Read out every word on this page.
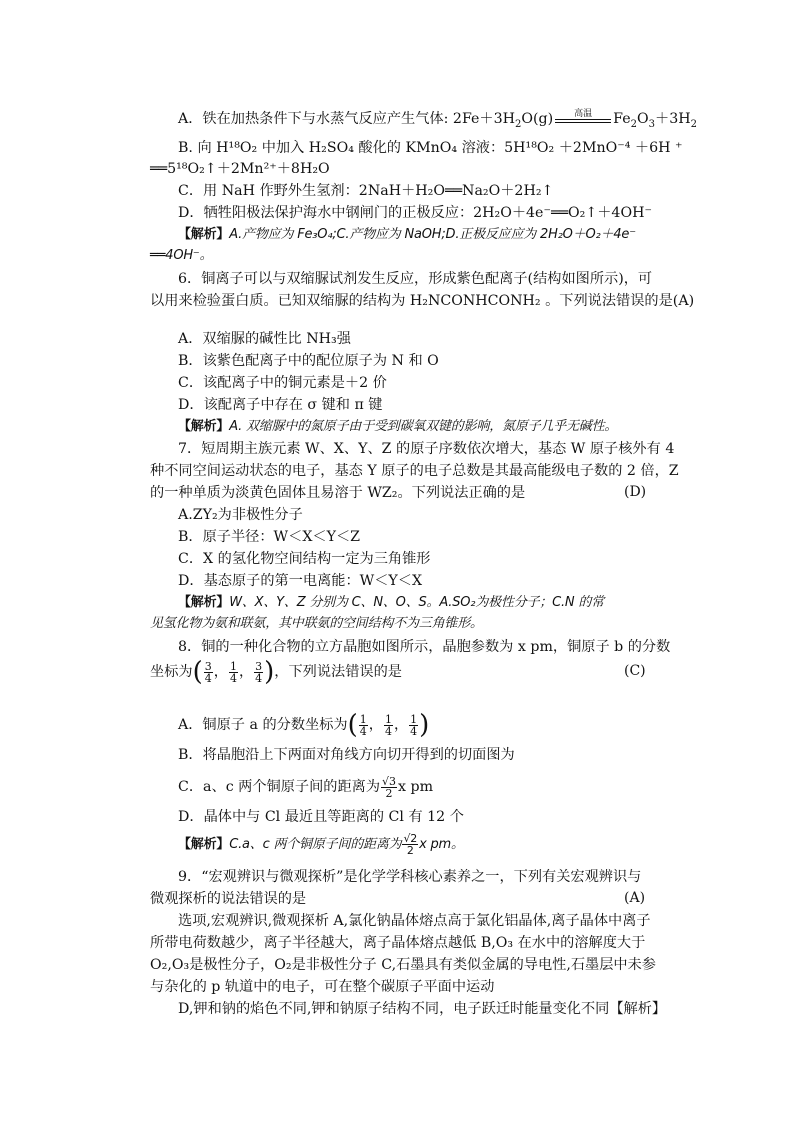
A．铁在加热条件下与水蒸气反应产生气体: $2Fe+3H_2O(g)$	高温	$Fe_2O_3+3H_2$
B. 向 H¹⁸O₂ 中加入 H₂SO₄ 酸化的 KMnO₄ 溶液：5H¹⁸O₂ ＋2MnO⁻⁴ ＋6H ⁺
══5¹⁸O₂↑＋2Mn²⁺＋8H₂O
C．用 NaH 作野外生氢剂：2NaH＋H₂O══Na₂O＋2H₂↑
D．牺牲阳极法保护海水中钢闸门的正极反应：2H₂O＋4e⁻══O₂↑＋4OH⁻
【解析】A.产物应为 Fe₃O₄;C.产物应为 NaOH;D.正极反应应为 2H₂O＋O₂＋4e⁻
══4OH⁻。
6．铜离子可以与双缩脲试剂发生反应，形成紫色配离子(结构如图所示)，可
以用来检验蛋白质。已知双缩脲的结构为 H₂NCONHCONH₂ 。下列说法错误的是(A)
A．双缩脲的碱性比 NH₃强
B．该紫色配离子中的配位原子为 N 和 O
C．该配离子中的铜元素是＋2 价
D．该配离子中存在 σ 键和 π 键
【解析】A. 双缩脲中的氮原子由于受到碳氧双键的影响，氮原子几乎无碱性。
7．短周期主族元素 W、X、Y、Z 的原子序数依次增大，基态 W 原子核外有 4
种不同空间运动状态的电子，基态 Y 原子的电子总数是其最高能级电子数的 2 倍，Z
的一种单质为淡黄色固体且易溶于 WZ₂。下列说法正确的是	(D)
A.ZY₂为非极性分子
B．原子半径：W＜X＜Y＜Z
C．X 的氢化物空间结构一定为三角锥形
D．基态原子的第一电离能：W＜Y＜X
【解析】W、X、Y、Z 分别为 C、N、O、S。A.SO₂为极性分子；C.N 的常
见氢化物为氨和联氨，其中联氨的空间结构不为三角锥形。
8．铜的一种化合物的立方晶胞如图所示，晶胞参数为 x pm，铜原子 b 的分数
坐标为( $\frac{3}{4}$ ， $\frac{1}{4}$ ， $\frac{3}{4}$ )，下列说法错误的是	(C)
A．铜原子 a 的分数坐标为( $\frac{1}{4}$ ， $\frac{1}{4}$ ， $\frac{1}{4}$ )
B．将晶胞沿上下两面对角线方向切开得到的切面图为
C．a、c 两个铜原子间的距离为 $\frac{√3}{2}$ x pm
D．晶体中与 Cl 最近且等距离的 Cl 有 12 个
【解析】C.a、c 两个铜原子间的距离为 $\frac{√2}{2}$ x pm。
9．“宏观辨识与微观探析”是化学学科核心素养之一，下列有关宏观辨识与
微观探析的说法错误的是	(A)
选项,宏观辨识,微观探析 A,氯化钠晶体熔点高于氯化铝晶体,离子晶体中离子
所带电荷数越少，离子半径越大，离子晶体熔点越低 B,O₃ 在水中的溶解度大于
O₂,O₃是极性分子，O₂是非极性分子 C,石墨具有类似金属的导电性,石墨层中未参
与杂化的 p 轨道中的电子，可在整个碳原子平面中运动
D,钾和钠的焰色不同,钾和钠原子结构不同，电子跃迁时能量变化不同【解析】
